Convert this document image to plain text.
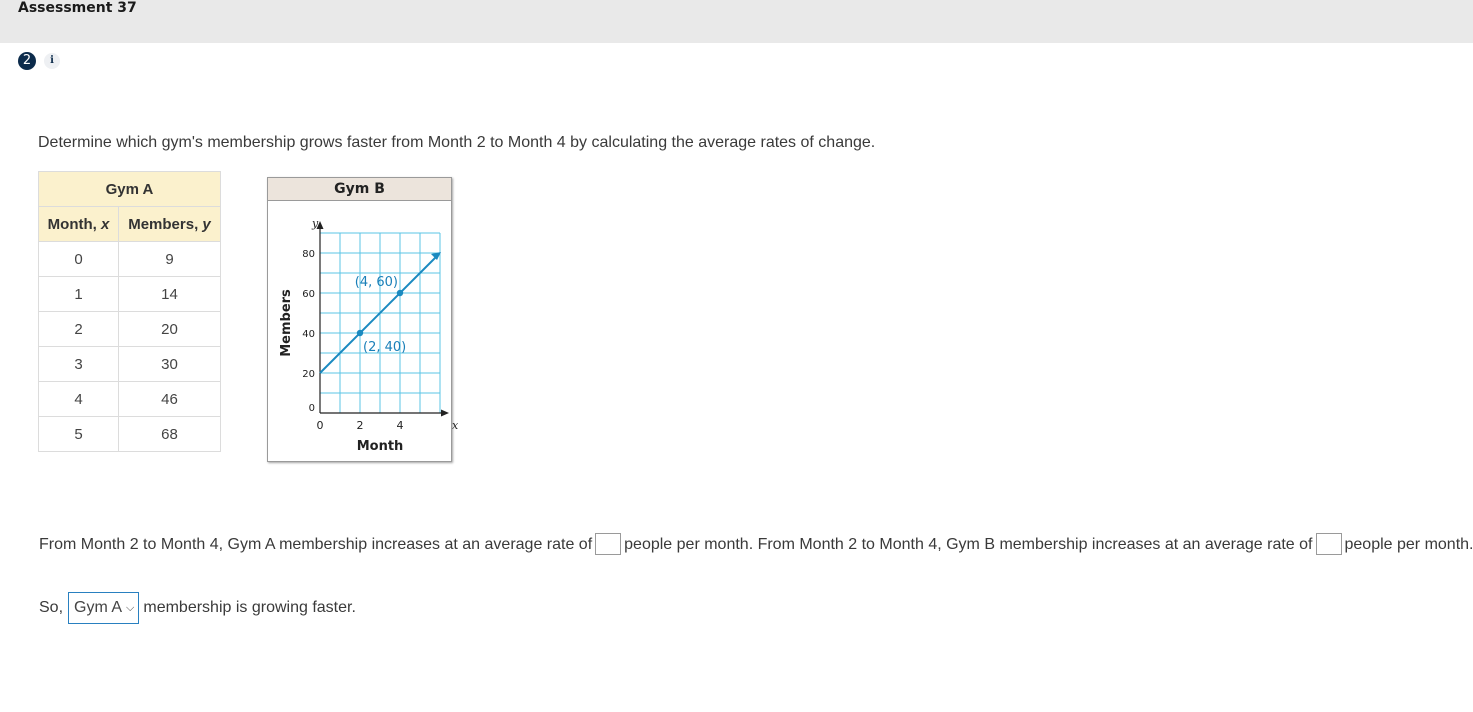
Assessment 37
2	i
Determine which gym's membership grows faster from Month 2 to Month 4 by calculating the average rates of change.
Gym A	
Month, x	Members, y
0	9
1	14
2	20
3	30
4	46
5	68
Gym B
y
x
0	2	4
0
20
40
60
80
Month
Members	(2, 40)
(4, 60)
From Month 2 to Month 4, Gym A membership increases at an average rate of people per month. From Month 2 to Month 4, Gym B membership increases at an average rate of people per month.
So, Gym A ⌵ membership is growing faster.
